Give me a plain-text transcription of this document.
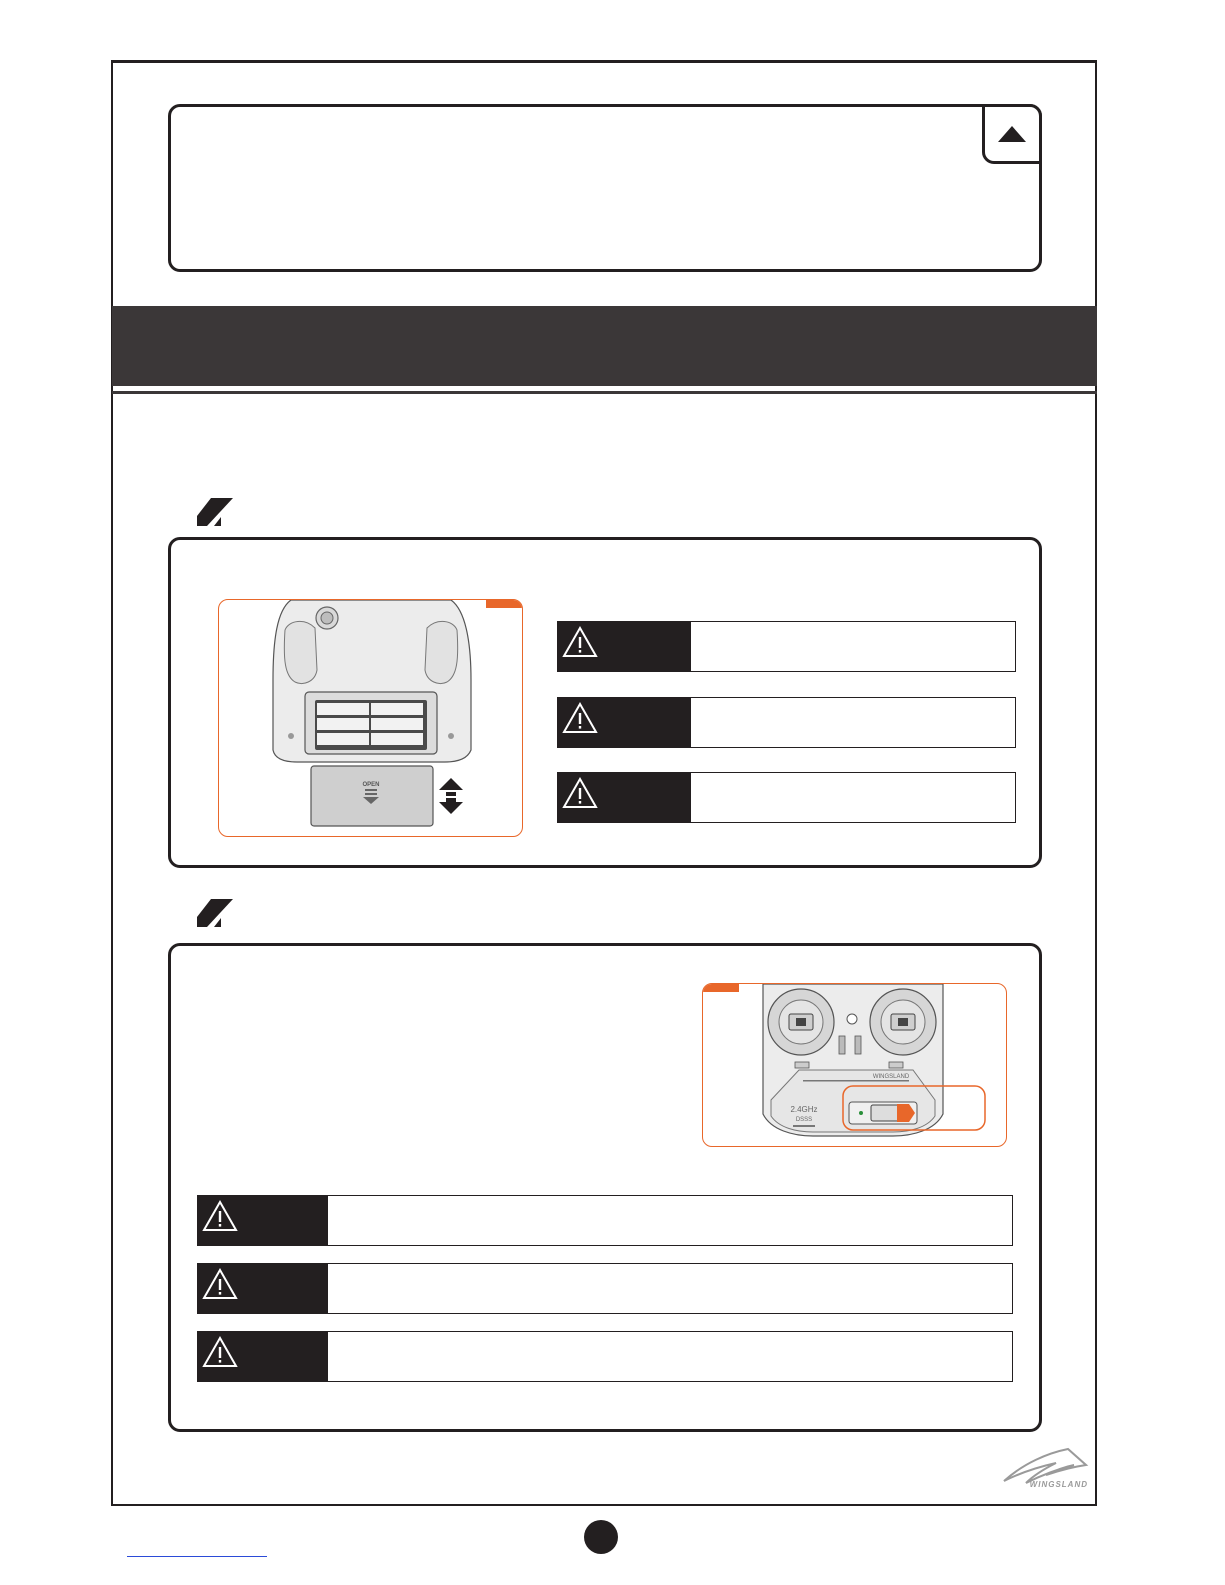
OPEN
WINGSLAND
2.4GHz
DSSS
WINGSLAND
